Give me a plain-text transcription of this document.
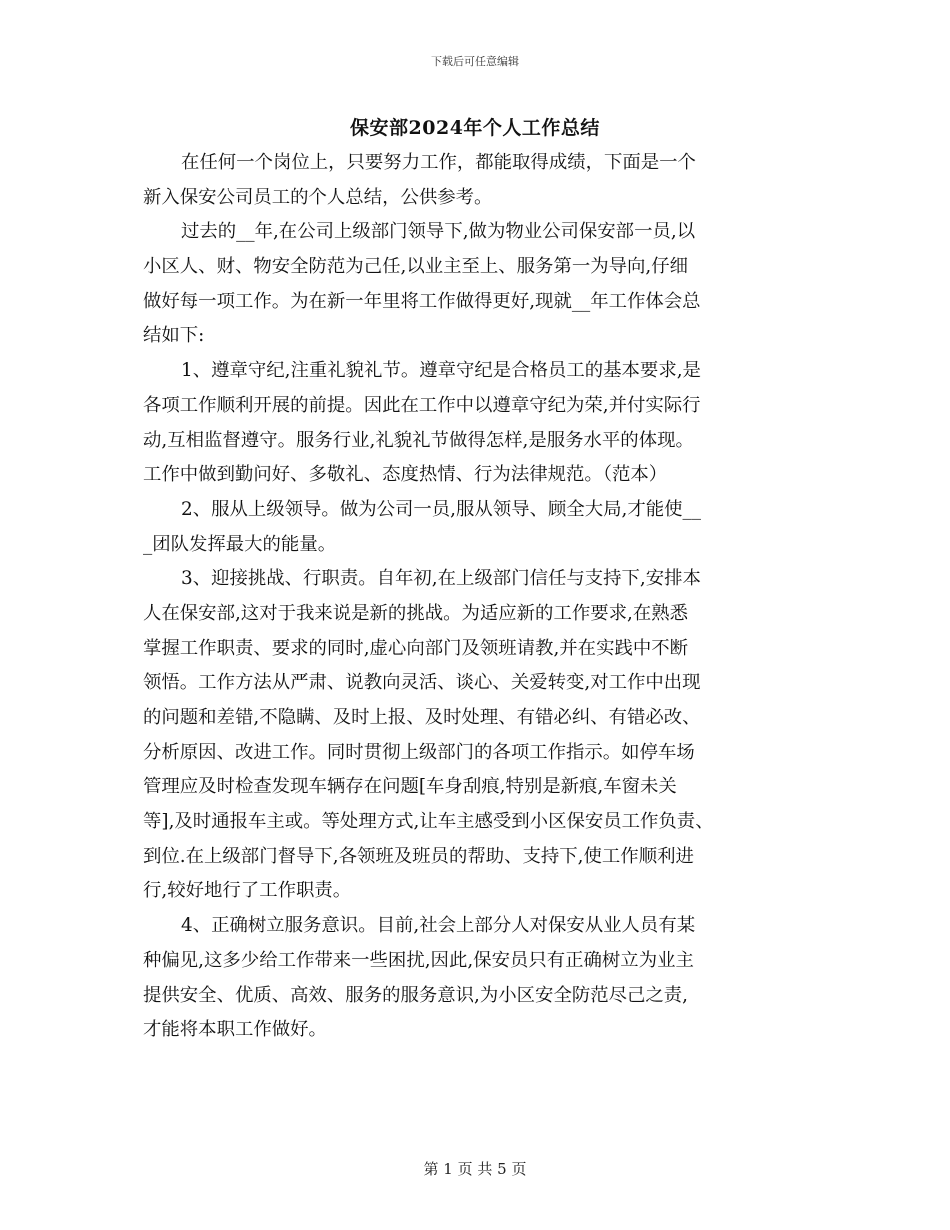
下载后可任意编辑
保安部2024年个人工作总结
在任何一个岗位上，只要努力工作，都能取得成绩，下面是一个
新入保安公司员工的个人总结，公供参考。
过去的__年,在公司上级部门领导下,做为物业公司保安部一员,以
小区人、财、物安全防范为己任,以业主至上、服务第一为导向,仔细
做好每一项工作。为在新一年里将工作做得更好,现就__年工作体会总
结如下:
1、遵章守纪,注重礼貌礼节。遵章守纪是合格员工的基本要求,是
各项工作顺利开展的前提。因此在工作中以遵章守纪为荣,并付实际行
动,互相监督遵守。服务行业,礼貌礼节做得怎样,是服务水平的体现。
工作中做到勤问好、多敬礼、态度热情、行为法律规范。（范本）
2、服从上级领导。做为公司一员,服从领导、顾全大局,才能使__
_团队发挥最大的能量。
3、迎接挑战、行职责。自年初,在上级部门信任与支持下,安排本
人在保安部,这对于我来说是新的挑战。为适应新的工作要求,在熟悉
掌握工作职责、要求的同时,虚心向部门及领班请教,并在实践中不断
领悟。工作方法从严肃、说教向灵活、谈心、关爱转变,对工作中出现
的问题和差错,不隐瞒、及时上报、及时处理、有错必纠、有错必改、
分析原因、改进工作。同时贯彻上级部门的各项工作指示。如停车场
管理应及时检查发现车辆存在问题[车身刮痕,特别是新痕,车窗未关
等],及时通报车主或。等处理方式,让车主感受到小区保安员工作负责、
到位.在上级部门督导下,各领班及班员的帮助、支持下,使工作顺利进
行,较好地行了工作职责。
4、正确树立服务意识。目前,社会上部分人对保安从业人员有某
种偏见,这多少给工作带来一些困扰,因此,保安员只有正确树立为业主
提供安全、优质、高效、服务的服务意识,为小区安全防范尽己之责,
才能将本职工作做好。
第 1 页 共 5 页
